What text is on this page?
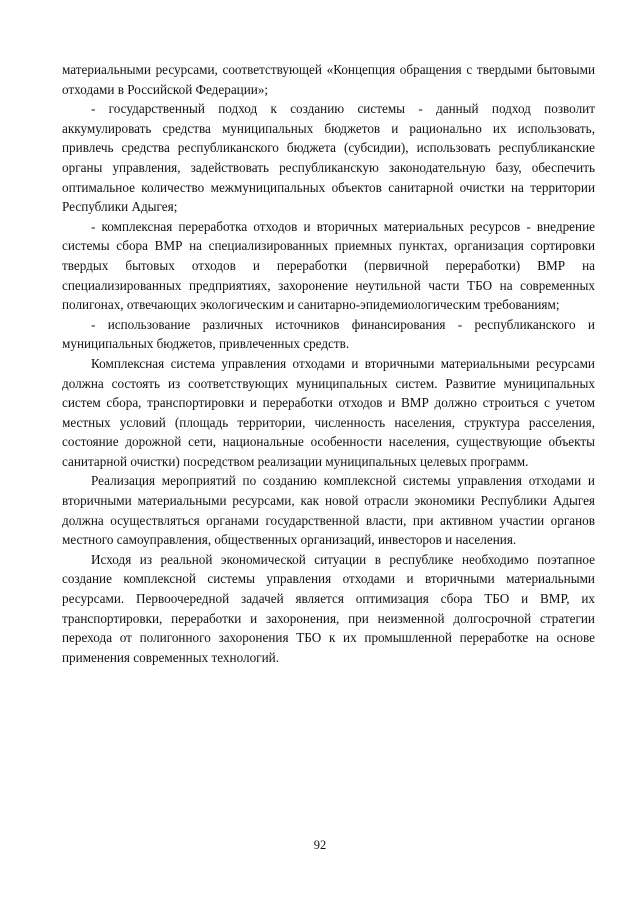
материальными ресурсами, соответствующей «Концепция обращения с твердыми бытовыми отходами в Российской Федерации»;

- государственный подход к созданию системы - данный подход позволит аккумулировать средства муниципальных бюджетов и рационально их использовать, привлечь средства республиканского бюджета (субсидии), использовать республиканские органы управления, задействовать республиканскую законодательную базу, обеспечить оптимальное количество межмуниципальных объектов санитарной очистки на территории Республики Адыгея;

- комплексная переработка отходов и вторичных материальных ресурсов - внедрение системы сбора ВМР на специализированных приемных пунктах, организация сортировки твердых бытовых отходов и переработки (первичной переработки) ВМР на специализированных предприятиях, захоронение неутильной части ТБО на современных полигонах, отвечающих экологическим и санитарно-эпидемиологическим требованиям;

- использование различных источников финансирования - республиканского и муниципальных бюджетов, привлеченных средств.

Комплексная система управления отходами и вторичными материальными ресурсами должна состоять из соответствующих муниципальных систем. Развитие муниципальных систем сбора, транспортировки и переработки отходов и ВМР должно строиться с учетом местных условий (площадь территории, численность населения, структура расселения, состояние дорожной сети, национальные особенности населения, существующие объекты санитарной очистки) посредством реализации муниципальных целевых программ.

Реализация мероприятий по созданию комплексной системы управления отходами и вторичными материальными ресурсами, как новой отрасли экономики Республики Адыгея должна осуществляться органами государственной власти, при активном участии органов местного самоуправления, общественных организаций, инвесторов и населения.

Исходя из реальной экономической ситуации в республике необходимо поэтапное создание комплексной системы управления отходами и вторичными материальными ресурсами. Первоочередной задачей является оптимизация сбора ТБО и ВМР, их транспортировки, переработки и захоронения, при неизменной долгосрочной стратегии перехода от полигонного захоронения ТБО к их промышленной переработке на основе применения современных технологий.

92
